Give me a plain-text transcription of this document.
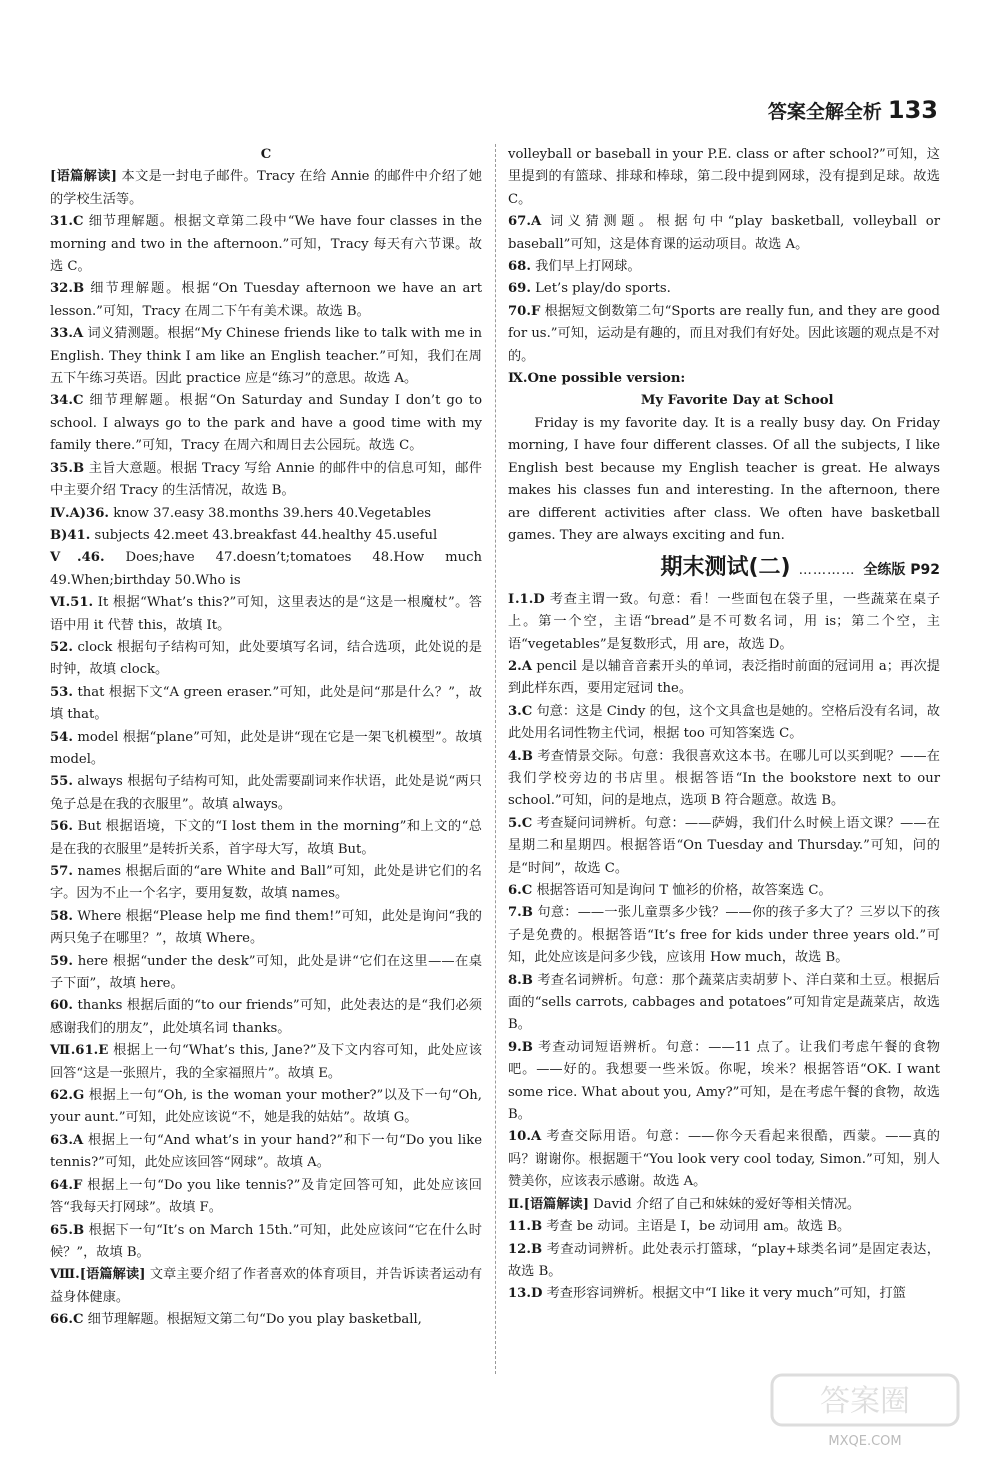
答案全解全析 133

C

[语篇解读] 本文是一封电子邮件。Tracy 在给 Annie 的邮件中介绍了她的学校生活等。

31.C 细节理解题。根据文章第二段中“We have four classes in the morning and two in the afternoon.”可知，Tracy 每天有六节课。故选 C。

32.B 细节理解题。根据“On Tuesday afternoon we have an art lesson.”可知，Tracy 在周二下午有美术课。故选 B。

33.A 词义猜测题。根据“My Chinese friends like to talk with me in English. They think I am like an English teacher.”可知，我们在周五下午练习英语。因此 practice 应是“练习”的意思。故选 A。

34.C 细节理解题。根据“On Saturday and Sunday I don’t go to school. I always go to the park and have a good time with my family there.”可知，Tracy 在周六和周日去公园玩。故选 C。

35.B 主旨大意题。根据 Tracy 写给 Annie 的邮件中的信息可知，邮件中主要介绍 Tracy 的生活情况，故选 B。

Ⅳ.A)36. know 37.easy 38.months 39.hers 40.Vegetables

B)41. subjects 42.meet 43.breakfast 44.healthy 45.useful

Ⅴ.46. Does;have 47.doesn’t;tomatoes 48.How much 49.When;birthday 50.Who is

Ⅵ.51. It 根据“What’s this?”可知，这里表达的是“这是一根魔杖”。答语中用 it 代替 this，故填 It。

52. clock 根据句子结构可知，此处要填写名词，结合选项，此处说的是时钟，故填 clock。

53. that 根据下文“A green eraser.”可知，此处是问“那是什么？”，故填 that。

54. model 根据“plane”可知，此处是讲“现在它是一架飞机模型”。故填 model。

55. always 根据句子结构可知，此处需要副词来作状语，此处是说“两只兔子总是在我的衣服里”。故填 always。

56. But 根据语境，下文的“I lost them in the morning”和上文的“总是在我的衣服里”是转折关系，首字母大写，故填 But。

57. names 根据后面的“are White and Ball”可知，此处是讲它们的名字。因为不止一个名字，要用复数，故填 names。

58. Where 根据“Please help me find them!”可知，此处是询问“我的两只兔子在哪里？”，故填 Where。

59. here 根据“under the desk”可知，此处是讲“它们在这里——在桌子下面”，故填 here。

60. thanks 根据后面的“to our friends”可知，此处表达的是“我们必须感谢我们的朋友”，此处填名词 thanks。

Ⅶ.61.E 根据上一句“What’s this, Jane?”及下文内容可知，此处应该回答“这是一张照片，我的全家福照片”。故填 E。

62.G 根据上一句“Oh, is the woman your mother?”以及下一句“Oh, your aunt.”可知，此处应该说“不，她是我的姑姑”。故填 G。

63.A 根据上一句“And what’s in your hand?”和下一句“Do you like tennis?”可知，此处应该回答“网球”。故填 A。

64.F 根据上一句“Do you like tennis?”及肯定回答可知，此处应该回答“我每天打网球”。故填 F。

65.B 根据下一句“It’s on March 15th.”可知，此处应该问“它在什么时候？”，故填 B。

Ⅷ.[语篇解读] 文章主要介绍了作者喜欢的体育项目，并告诉读者运动有益身体健康。

66.C 细节理解题。根据短文第二句“Do you play basketball,

volleyball or baseball in your P.E. class or after school?”可知，这里提到的有篮球、排球和棒球，第二段中提到网球，没有提到足球。故选 C。

67.A 词义猜测题。根据句中“play basketball, volleyball or baseball”可知，这是体育课的运动项目。故选 A。

68. 我们早上打网球。

69. Let’s play/do sports.

70.F 根据短文倒数第二句“Sports are really fun, and they are good for us.”可知，运动是有趣的，而且对我们有好处。因此该题的观点是不对的。

Ⅸ.One possible version:

My Favorite Day at School

Friday is my favorite day. It is a really busy day. On Friday morning, I have four different classes. Of all the subjects, I like English best because my English teacher is great. He always makes his classes fun and interesting. In the afternoon, there are different activities after class. We often have basketball games. They are always exciting and fun.

期末测试(二) ………… 全练版 P92

Ⅰ.1.D 考查主谓一致。句意：看！一些面包在袋子里，一些蔬菜在桌子上。第一个空，主语“bread”是不可数名词，用 is；第二个空，主语“vegetables”是复数形式，用 are，故选 D。

2.A pencil 是以辅音音素开头的单词，表泛指时前面的冠词用 a；再次提到此样东西，要用定冠词 the。

3.C 句意：这是 Cindy 的包，这个文具盒也是她的。空格后没有名词，故此处用名词性物主代词，根据 too 可知答案选 C。

4.B 考查情景交际。句意：我很喜欢这本书。在哪儿可以买到呢？——在我们学校旁边的书店里。根据答语“In the bookstore next to our school.”可知，问的是地点，选项 B 符合题意。故选 B。

5.C 考查疑问词辨析。句意：——萨姆，我们什么时候上语文课？——在星期二和星期四。根据答语“On Tuesday and Thursday.”可知，问的是“时间”，故选 C。

6.C 根据答语可知是询问 T 恤衫的价格，故答案选 C。

7.B 句意：——一张儿童票多少钱？——你的孩子多大了？三岁以下的孩子是免费的。根据答语“It’s free for kids under three years old.”可知，此处应该是问多少钱，应该用 How much，故选 B。

8.B 考查名词辨析。句意：那个蔬菜店卖胡萝卜、洋白菜和土豆。根据后面的“sells carrots, cabbages and potatoes”可知肯定是蔬菜店，故选 B。

9.B 考查动词短语辨析。句意：——11 点了。让我们考虑午餐的食物吧。——好的。我想要一些米饭。你呢，埃米？根据答语“OK. I want some rice. What about you, Amy?”可知，是在考虑午餐的食物，故选 B。

10.A 考查交际用语。句意：——你今天看起来很酷，西蒙。——真的吗？谢谢你。根据题干“You look very cool today, Simon.”可知，别人赞美你，应该表示感谢。故选 A。

Ⅱ.[语篇解读] David 介绍了自己和妹妹的爱好等相关情况。

11.B 考查 be 动词。主语是 I，be 动词用 am。故选 B。

12.B 考查动词辨析。此处表示打篮球，“play+球类名词”是固定表达，故选 B。

13.D 考查形容词辨析。根据文中“I like it very much”可知，打篮

答案圈
MXQE.COM
